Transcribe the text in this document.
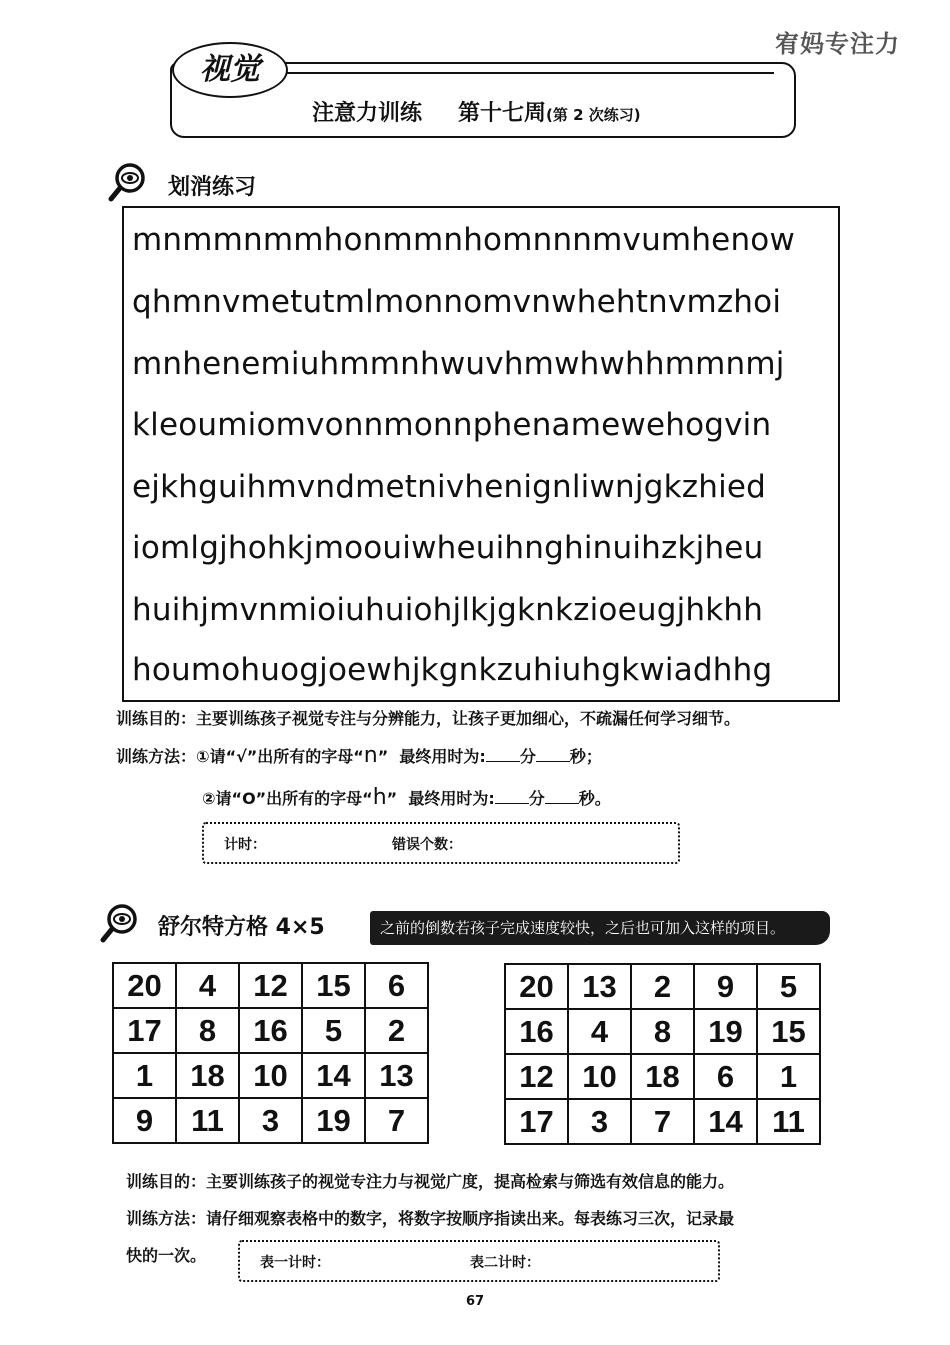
宥妈专注力
视觉
注意力训练 第十七周(第 2 次练习)
划消练习
mnmmnmmhonmmnhomnnnmvumhenow
qhmnvmetutmlmonnomvnwhehtnvmzhoi
mnhenemiuhmmnhwuvhmwhwhhmmnmj
kleoumiomvonnmonnphenamewehogvin
ejkhguihmvndmetnivhenignliwnjgkzhied
iomlgjhohkjmoouiwheuihnghinuihzkjheu
huihjmvnmioiuhuiohjlkjgknkzioeugjhkhh
houmohuogjoewhjkgnkzuhiuhgkwiadhhg
训练目的：主要训练孩子视觉专注与分辨能力，让孩子更加细心，不疏漏任何学习细节。
训练方法：①请“√”出所有的字母“n” 最终用时为: 分 秒；
②请“O”出所有的字母“h” 最终用时为: 分 秒。
计时：	错误个数：
舒尔特方格 4×5	之前的倒数若孩子完成速度较快，之后也可加入这样的项目。
20	4	12	15	6
17	8	16	5	2
1	18	10	14	13
9	11	3	19	7
20	13	2	9	5
16	4	8	19	15
12	10	18	6	1
17	3	7	14	11
训练目的：主要训练孩子的视觉专注力与视觉广度，提高检索与筛选有效信息的能力。
训练方法：请仔细观察表格中的数字，将数字按顺序指读出来。每表练习三次，记录最
快的一次。	表一计时：	表二计时：
67
